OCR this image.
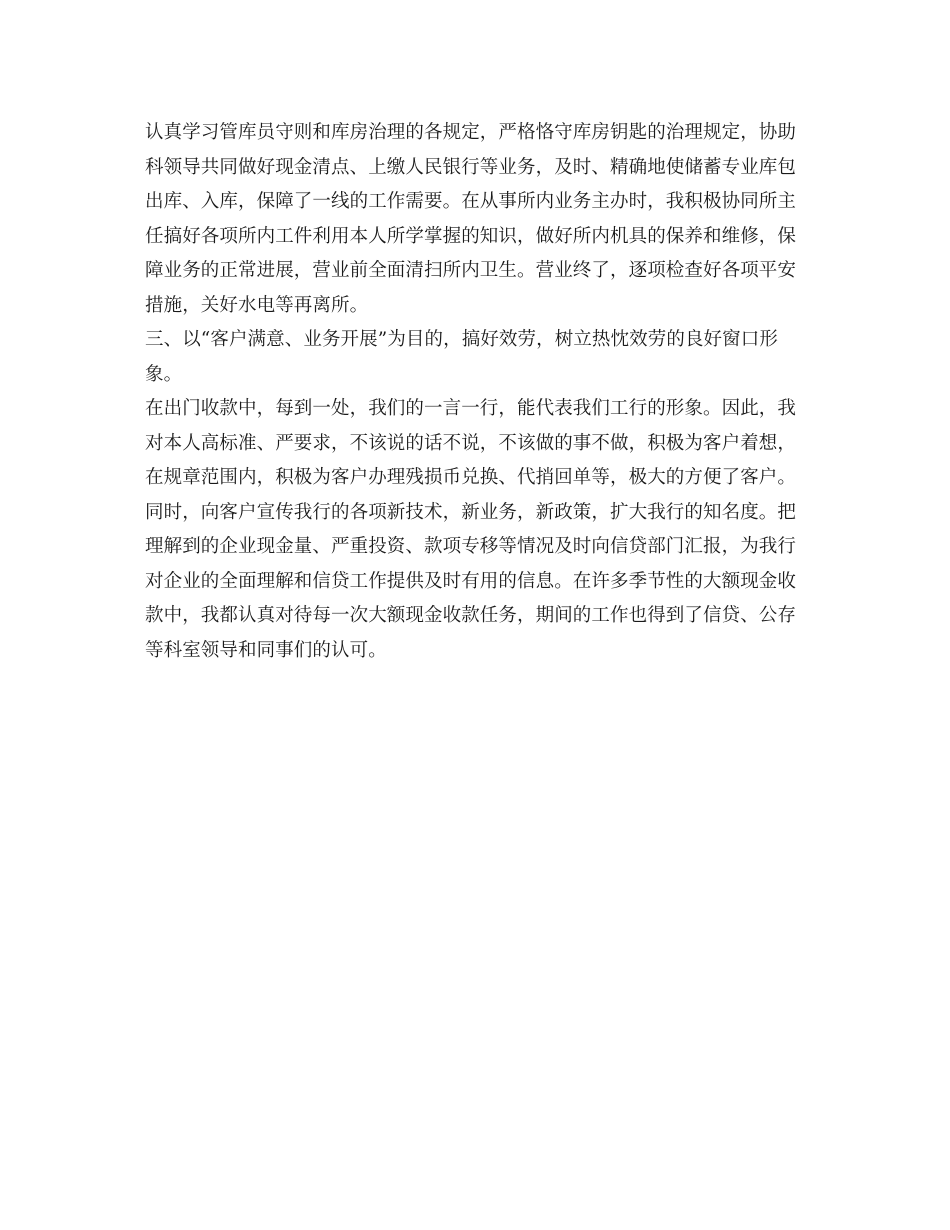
认真学习管库员守则和库房治理的各规定，严格恪守库房钥匙的治理规定，协助
科领导共同做好现金清点、上缴人民银行等业务，及时、精确地使储蓄专业库包
出库、入库，保障了一线的工作需要。在从事所内业务主办时，我积极协同所主
任搞好各项所内工件利用本人所学掌握的知识，做好所内机具的保养和维修，保
障业务的正常进展，营业前全面清扫所内卫生。营业终了，逐项检查好各项平安
措施，关好水电等再离所。
三、以“客户满意、业务开展”为目的，搞好效劳，树立热忱效劳的良好窗口形
象。
在出门收款中，每到一处，我们的一言一行，能代表我们工行的形象。因此，我
对本人高标准、严要求，不该说的话不说，不该做的事不做，积极为客户着想，
在规章范围内，积极为客户办理残损币兑换、代捎回单等，极大的方便了客户。
同时，向客户宣传我行的各项新技术，新业务，新政策，扩大我行的知名度。把
理解到的企业现金量、严重投资、款项专移等情况及时向信贷部门汇报，为我行
对企业的全面理解和信贷工作提供及时有用的信息。在许多季节性的大额现金收
款中，我都认真对待每一次大额现金收款任务，期间的工作也得到了信贷、公存
等科室领导和同事们的认可。
